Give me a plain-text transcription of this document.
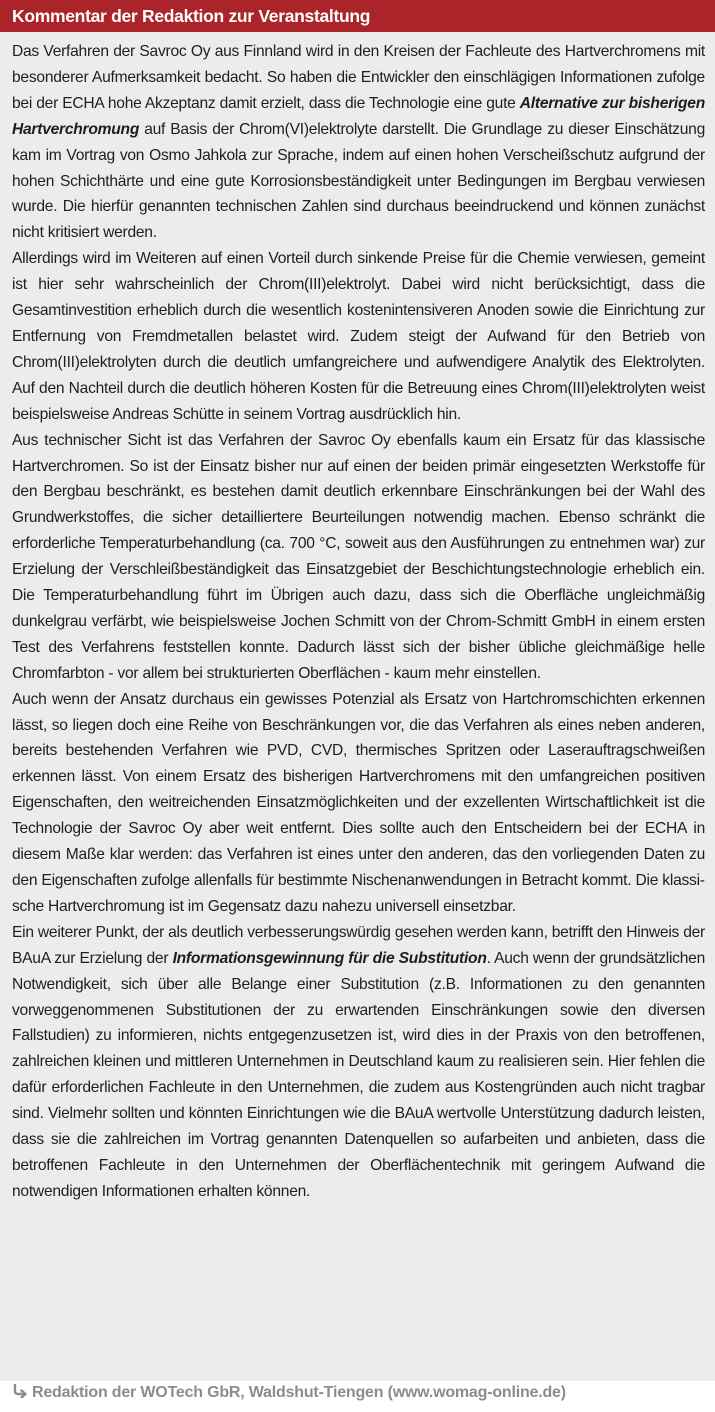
Kommentar der Redaktion zur Veranstaltung

Das Verfahren der Savroc Oy aus Finnland wird in den Kreisen der Fachleute des Hartverchromens mit besonderer Aufmerksamkeit bedacht. So haben die Entwickler den einschlägigen Informationen zufolge bei der ECHA hohe Akzeptanz damit erzielt, dass die Technologie eine gute Alternative zur bisherigen Hartverchromung auf Basis der Chrom(VI)elektrolyte darstellt. Die Grundlage zu dieser Einschätzung kam im Vortrag von Osmo Jahkola zur Sprache, indem auf einen hohen Verscheißschutz aufgrund der hohen Schichthärte und eine gute Korrosionsbeständigkeit unter Bedingungen im Bergbau verwiesen wurde. Die hierfür genannten technischen Zahlen sind durchaus beeindruckend und können zunächst nicht kritisiert werden.

Allerdings wird im Weiteren auf einen Vorteil durch sinkende Preise für die Chemie verwiesen, gemeint ist hier sehr wahrscheinlich der Chrom(III)elektrolyt. Dabei wird nicht berücksichtigt, dass die Gesamtinvestition erheblich durch die wesentlich kostenintensiveren Anoden sowie die Einrichtung zur Entfernung von Fremdmetallen belastet wird. Zudem steigt der Aufwand für den Betrieb von Chrom(III)elektrolyten durch die deutlich umfangreichere und aufwendigere Analytik des Elektrolyten. Auf den Nachteil durch die deutlich höheren Kosten für die Betreuung eines Chrom(III)elektrolyten weist beispielsweise Andreas Schütte in seinem Vortrag ausdrücklich hin.

Aus technischer Sicht ist das Verfahren der Savroc Oy ebenfalls kaum ein Ersatz für das klassische Hartverchromen. So ist der Einsatz bisher nur auf einen der beiden primär eingesetzten Werkstoffe für den Bergbau beschränkt, es bestehen damit deutlich erkennbare Einschränkungen bei der Wahl des Grundwerkstoffes, die sicher detailliertere Beurteilungen notwendig machen. Ebenso schränkt die erforderliche Temperaturbehandlung (ca. 700 °C, soweit aus den Ausführungen zu entnehmen war) zur Erzielung der Verschleißbeständigkeit das Einsatzgebiet der Beschichtungstechnologie erheblich ein. Die Temperaturbehandlung führt im Übrigen auch dazu, dass sich die Oberfläche ungleichmäßig dunkelgrau verfärbt, wie beispielsweise Jochen Schmitt von der Chrom-Schmitt GmbH in einem ersten Test des Verfahrens feststellen konnte. Dadurch lässt sich der bisher übliche gleichmäßige helle Chromfarbton - vor allem bei strukturierten Oberflächen - kaum mehr einstellen.

Auch wenn der Ansatz durchaus ein gewisses Potenzial als Ersatz von Hartchromschichten erkennen lässt, so liegen doch eine Reihe von Beschränkungen vor, die das Verfahren als eines neben anderen, bereits bestehenden Verfahren wie PVD, CVD, thermisches Spritzen oder Laserauftragschweißen erkennen lässt. Von einem Ersatz des bisherigen Hartverchromens mit den umfangreichen positiven Eigenschaften, den weitreichenden Einsatzmöglichkeiten und der exzellenten Wirtschaftlichkeit ist die Technologie der Savroc Oy aber weit entfernt. Dies sollte auch den Entscheidern bei der ECHA in diesem Maße klar werden: das Verfahren ist eines unter den anderen, das den vorliegenden Daten zu den Eigenschaften zufolge allenfalls für bestimmte Nischenanwendungen in Betracht kommt. Die klassische Hartverchromung ist im Gegensatz dazu nahezu universell einsetzbar.

Ein weiterer Punkt, der als deutlich verbesserungswürdig gesehen werden kann, betrifft den Hinweis der BAuA zur Erzielung der Informationsgewinnung für die Substitution. Auch wenn der grundsätzlichen Notwendigkeit, sich über alle Belange einer Substitution (z.B. Informationen zu den genannten vorweggenommenen Substitutionen der zu erwartenden Einschränkungen sowie den diversen Fallstudien) zu informieren, nichts entgegenzusetzen ist, wird dies in der Praxis von den betroffenen, zahlreichen kleinen und mittleren Unternehmen in Deutschland kaum zu realisieren sein. Hier fehlen die dafür erforderlichen Fachleute in den Unternehmen, die zudem aus Kostengründen auch nicht tragbar sind. Vielmehr sollten und könnten Einrichtungen wie die BAuA wertvolle Unterstützung dadurch leisten, dass sie die zahlreichen im Vortrag genannten Datenquellen so aufarbeiten und anbieten, dass die betroffenen Fachleute in den Unternehmen der Oberflächentechnik mit geringem Aufwand die notwendigen Informationen erhalten können.

Redaktion der WOTech GbR, Waldshut-Tiengen (www.womag-online.de)
